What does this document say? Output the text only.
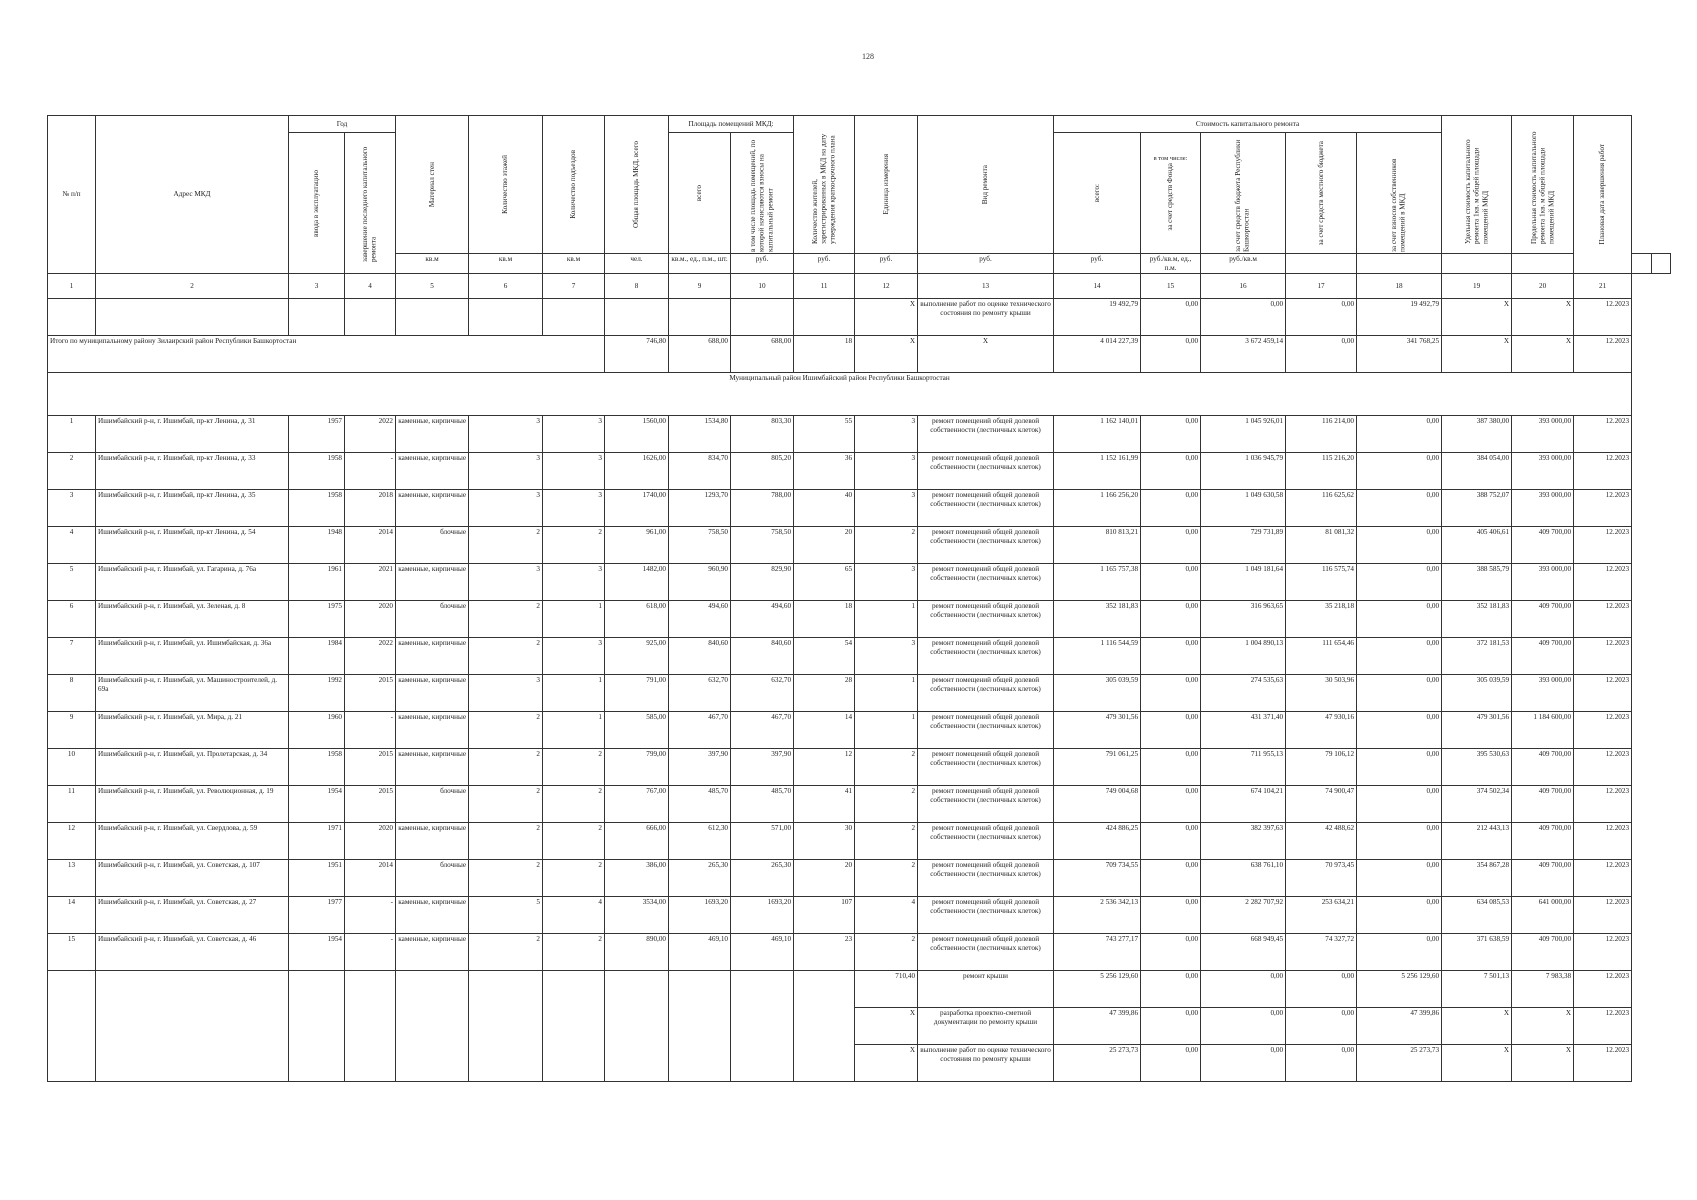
128
№ п/п	Адрес МКД	Год		Материал стен	Количество этажей	Количество подъездов	Общая площадь МКД, всего	Площадь помещений МКД:		Количество жителей, зарегистрированных в МКД на дату утверждения краткосрочного плана	Единица измерения	Вид ремонта	Стоимость капитального ремонта					Удельная стоимость капитального ремонта 1кв. м общей площади помещений МКД	Предельная стоимость капитального ремонта 1кв. м общей площади помещений МКД	Плановая дата завершения работ		

		ввода в эксплуатацию	завершение последнего капитального ремонта					всего	в том числе площадь помещений, по которой начисляются взносы на капитальный ремонт				всего:	в том числе:
за счет средств Фонда	за счет средств бюджета Республики Башкортостан	за счет средств местного бюджета	за счет взносов собственников помещений в МКД					

				кв.м	кв.м	кв.м	чел.	кв.м., ед., п.м., шт.	руб.	руб.	руб.	руб.	руб.	руб./кв.м, ед., п.м.	руб./кв.м							
1	2	3	4	5	6	7	8	9	10	11	12	13	14	15	16	17	18	19	20	21		
											X	выполнение работ по оценке технического состояния по ремонту крыши	19 492,79	0,00	0,00	0,00	19 492,79	X	X	12.2023		
Итого по муниципальному району Зилаирский район Республики Башкортостан							746,80	688,00	688,00	18	X	X	4 014 227,39	0,00	3 672 459,14	0,00	341 768,25	X	X	12.2023		
Муниципальный район Ишимбайский район Республики Башкортостан																						
1	Ишимбайский р-н, г. Ишимбай, пр-кт Ленина, д. 31	1957	2022	каменные, кирпичные	3	3	1560,00	1534,80	803,30	55	3	ремонт помещений общей долевой собственности (лестничных клеток)	1 162 140,01	0,00	1 045 926,01	116 214,00	0,00	387 380,00	393 000,00	12.2023		
2	Ишимбайский р-н, г. Ишимбай, пр-кт Ленина, д. 33	1958	-	каменные, кирпичные	3	3	1626,00	834,70	805,20	36	3	ремонт помещений общей долевой собственности (лестничных клеток)	1 152 161,99	0,00	1 036 945,79	115 216,20	0,00	384 054,00	393 000,00	12.2023		
3	Ишимбайский р-н, г. Ишимбай, пр-кт Ленина, д. 35	1958	2018	каменные, кирпичные	3	3	1740,00	1293,70	788,00	40	3	ремонт помещений общей долевой собственности (лестничных клеток)	1 166 256,20	0,00	1 049 630,58	116 625,62	0,00	388 752,07	393 000,00	12.2023		
4	Ишимбайский р-н, г. Ишимбай, пр-кт Ленина, д. 54	1948	2014	блочные	2	2	961,00	758,50	758,50	20	2	ремонт помещений общей долевой собственности (лестничных клеток)	810 813,21	0,00	729 731,89	81 081,32	0,00	405 406,61	409 700,00	12.2023		
5	Ишимбайский р-н, г. Ишимбай, ул. Гагарина, д. 76а	1961	2021	каменные, кирпичные	3	3	1482,00	960,90	829,90	65	3	ремонт помещений общей долевой собственности (лестничных клеток)	1 165 757,38	0,00	1 049 181,64	116 575,74	0,00	388 585,79	393 000,00	12.2023		
6	Ишимбайский р-н, г. Ишимбай, ул. Зеленая, д. 8	1975	2020	блочные	2	1	618,00	494,60	494,60	18	1	ремонт помещений общей долевой собственности (лестничных клеток)	352 181,83	0,00	316 963,65	35 218,18	0,00	352 181,83	409 700,00	12.2023		
7	Ишимбайский р-н, г. Ишимбай, ул. Ишимбайская, д. 36а	1984	2022	каменные, кирпичные	2	3	925,00	840,60	840,60	54	3	ремонт помещений общей долевой собственности (лестничных клеток)	1 116 544,59	0,00	1 004 890,13	111 654,46	0,00	372 181,53	409 700,00	12.2023		
8	Ишимбайский р-н, г. Ишимбай, ул. Машиностроителей, д. 69а	1992	2015	каменные, кирпичные	3	1	791,00	632,70	632,70	28	1	ремонт помещений общей долевой собственности (лестничных клеток)	305 039,59	0,00	274 535,63	30 503,96	0,00	305 039,59	393 000,00	12.2023		
9	Ишимбайский р-н, г. Ишимбай, ул. Мира, д. 21	1960	-	каменные, кирпичные	2	1	585,00	467,70	467,70	14	1	ремонт помещений общей долевой собственности (лестничных клеток)	479 301,56	0,00	431 371,40	47 930,16	0,00	479 301,56	1 184 600,00	12.2023		
10	Ишимбайский р-н, г. Ишимбай, ул. Пролетарская, д. 34	1958	2015	каменные, кирпичные	2	2	799,00	397,90	397,90	12	2	ремонт помещений общей долевой собственности (лестничных клеток)	791 061,25	0,00	711 955,13	79 106,12	0,00	395 530,63	409 700,00	12.2023		
11	Ишимбайский р-н, г. Ишимбай, ул. Революционная, д. 19	1954	2015	блочные	2	2	767,00	485,70	485,70	41	2	ремонт помещений общей долевой собственности (лестничных клеток)	749 004,68	0,00	674 104,21	74 900,47	0,00	374 502,34	409 700,00	12.2023		
12	Ишимбайский р-н, г. Ишимбай, ул. Свердлова, д. 59	1971	2020	каменные, кирпичные	2	2	666,00	612,30	571,00	30	2	ремонт помещений общей долевой собственности (лестничных клеток)	424 886,25	0,00	382 397,63	42 488,62	0,00	212 443,13	409 700,00	12.2023		
13	Ишимбайский р-н, г. Ишимбай, ул. Советская, д. 107	1951	2014	блочные	2	2	386,00	265,30	265,30	20	2	ремонт помещений общей долевой собственности (лестничных клеток)	709 734,55	0,00	638 761,10	70 973,45	0,00	354 867,28	409 700,00	12.2023		
14	Ишимбайский р-н, г. Ишимбай, ул. Советская, д. 27	1977	-	каменные, кирпичные	5	4	3534,00	1693,20	1693,20	107	4	ремонт помещений общей долевой собственности (лестничных клеток)	2 536 342,13	0,00	2 282 707,92	253 634,21	0,00	634 085,53	641 000,00	12.2023		
15	Ишимбайский р-н, г. Ишимбай, ул. Советская, д. 46	1954	-	каменные, кирпичные	2	2	890,00	469,10	469,10	23	2	ремонт помещений общей долевой собственности (лестничных клеток)	743 277,17	0,00	668 949,45	74 327,72	0,00	371 638,59	409 700,00	12.2023		
											710,40	ремонт крыши	5 256 129,60	0,00	0,00	0,00	5 256 129,60	7 501,13	7 983,38	12.2023		
											X	разработка проектно-сметной документации по ремонту крыши	47 399,86	0,00	0,00	0,00	47 399,86	X	X	12.2023		
											X	выполнение работ по оценке технического состояния по ремонту крыши	25 273,73	0,00	0,00	0,00	25 273,73	X	X	12.2023		
